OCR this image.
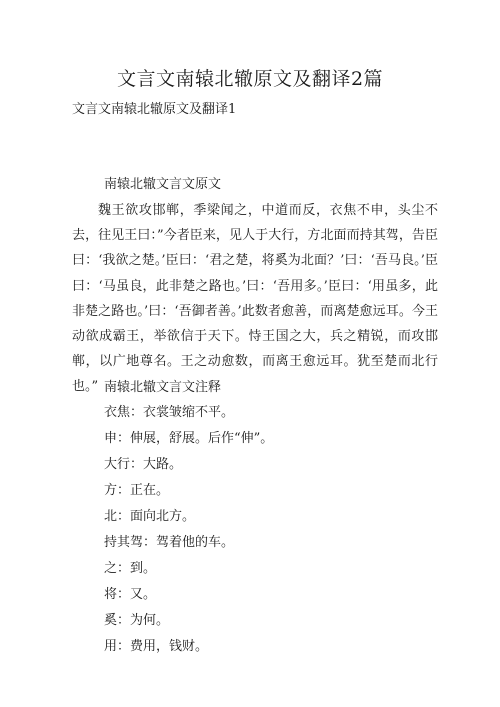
文言文南辕北辙原文及翻译2篇
文言文南辕北辙原文及翻译1
南辕北辙文言文原文

魏王欲攻邯郸，季梁闻之，中道而反，衣焦不申，头尘不去，往见王曰：”今者臣来，见人于大行，方北面而持其驾，告臣曰：‘我欲之楚。’臣曰：‘君之楚，将奚为北面？’曰：‘吾马良。’臣曰：‘马虽良，此非楚之路也。’曰：‘吾用多。’臣曰：‘用虽多，此非楚之路也。’曰：‘吾御者善。’此数者愈善，而离楚愈远耳。今王动欲成霸王，举欲信于天下。恃王国之大，兵之精锐，而攻邯郸，以广地尊名。王之动愈数，而离王愈远耳。犹至楚而北行也。” 南辕北辙文言文注释
衣焦：衣裳皱缩不平。
申：伸展，舒展。后作“伸”。
大行：大路。
方：正在。
北：面向北方。
持其驾：驾着他的车。
之：到。
将：又。
奚：为何。
用：费用，钱财。
